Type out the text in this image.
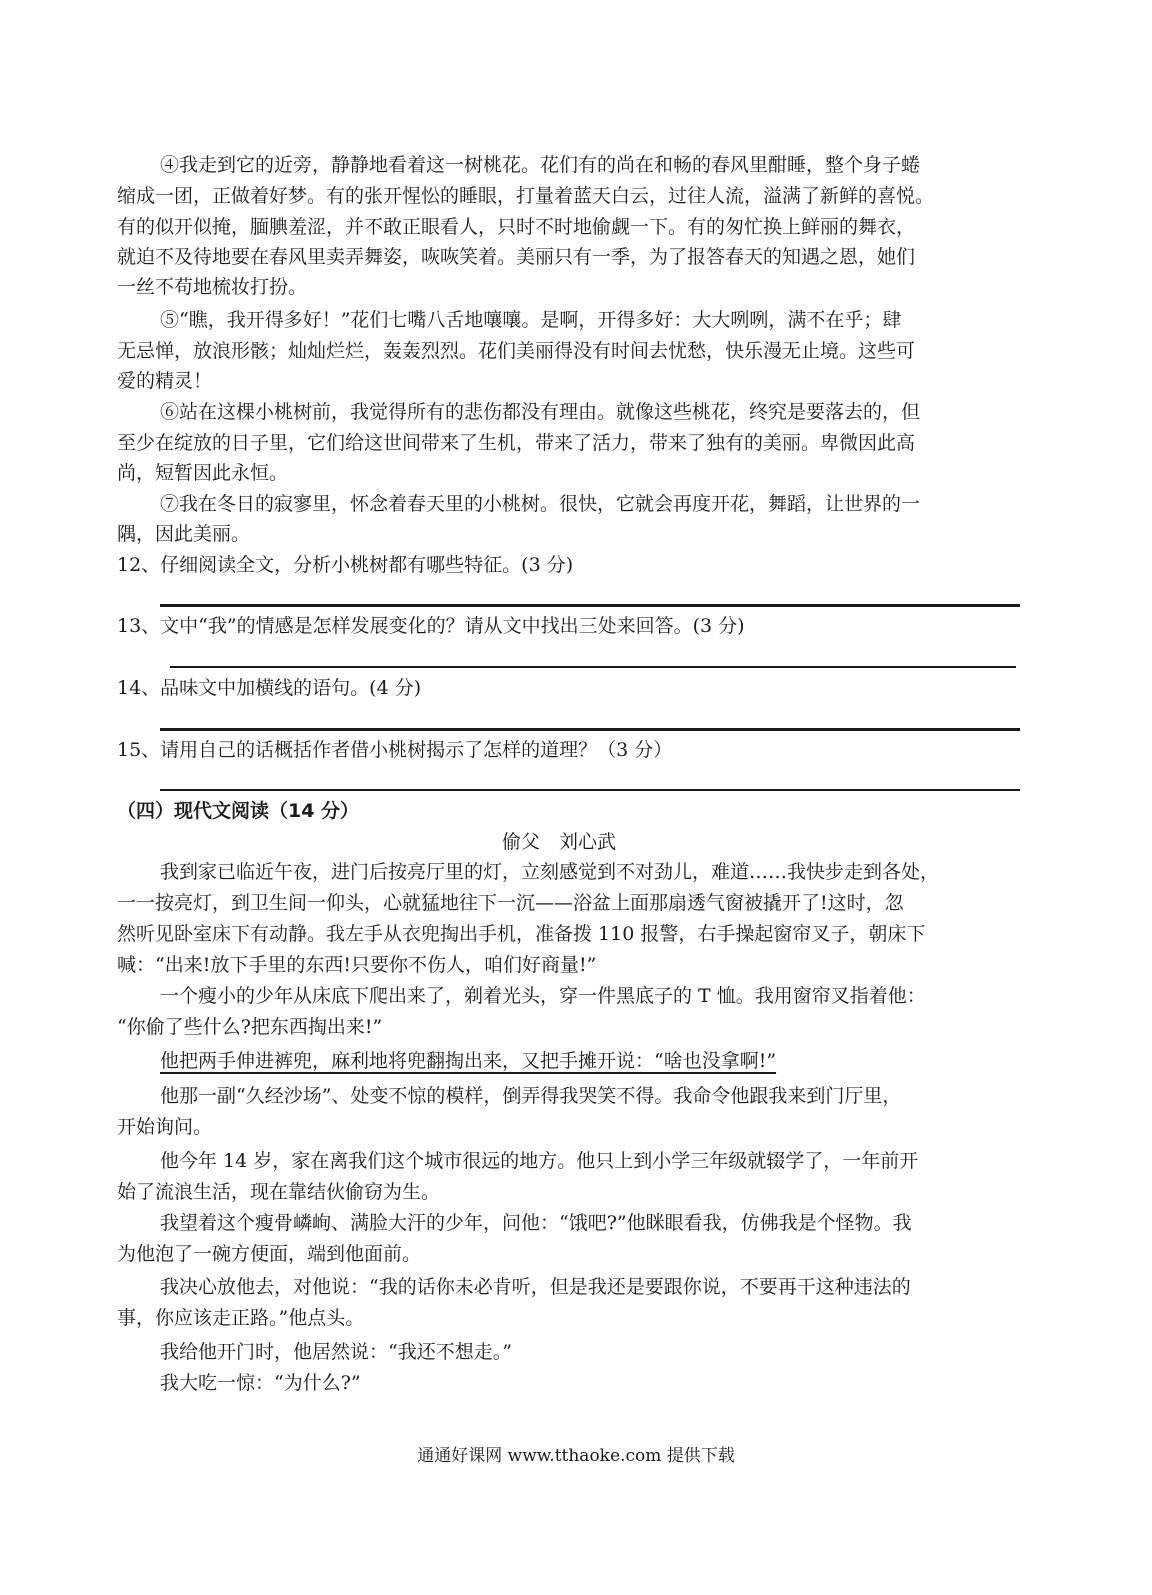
④我走到它的近旁，静静地看着这一树桃花。花们有的尚在和畅的春风里酣睡，整个身子蜷
缩成一团，正做着好梦。有的张开惺忪的睡眼，打量着蓝天白云，过往人流，溢满了新鲜的喜悦。
有的似开似掩，腼腆羞涩，并不敢正眼看人，只时不时地偷觑一下。有的匆忙换上鲜丽的舞衣，
就迫不及待地要在春风里卖弄舞姿，咴咴笑着。美丽只有一季，为了报答春天的知遇之恩，她们
一丝不苟地梳妆打扮。
⑤“瞧，我开得多好！”花们七嘴八舌地嚷嚷。是啊，开得多好：大大咧咧，满不在乎；肆
无忌惮，放浪形骸；灿灿烂烂，轰轰烈烈。花们美丽得没有时间去忧愁，快乐漫无止境。这些可
爱的精灵！
⑥站在这棵小桃树前，我觉得所有的悲伤都没有理由。就像这些桃花，终究是要落去的，但
至少在绽放的日子里，它们给这世间带来了生机，带来了活力，带来了独有的美丽。卑微因此高
尚，短暂因此永恒。
⑦我在冬日的寂寥里，怀念着春天里的小桃树。很快，它就会再度开花，舞蹈，让世界的一
隅，因此美丽。
12、仔细阅读全文，分析小桃树都有哪些特征。(3 分)
13、文中“我”的情感是怎样发展变化的？请从文中找出三处来回答。(3 分)
14、品味文中加横线的语句。(4 分)
15、请用自己的话概括作者借小桃树揭示了怎样的道理？（3 分）
（四）现代文阅读（14 分）
偷父　刘心武
我到家已临近午夜，进门后按亮厅里的灯，立刻感觉到不对劲儿，难道……我快步走到各处，
一一按亮灯，到卫生间一仰头，心就猛地往下一沉——浴盆上面那扇透气窗被撬开了!这时，忽
然听见卧室床下有动静。我左手从衣兜掏出手机，准备拨 110 报警，右手操起窗帘叉子，朝床下
喊：“出来!放下手里的东西!只要你不伤人，咱们好商量!”
一个瘦小的少年从床底下爬出来了，剃着光头，穿一件黑底子的 T 恤。我用窗帘叉指着他：
“你偷了些什么?把东西掏出来!”
他把两手伸进裤兜，麻利地将兜翻掏出来，又把手摊开说：“啥也没拿啊!”
他那一副“久经沙场”、处变不惊的模样，倒弄得我哭笑不得。我命令他跟我来到门厅里，
开始询问。
他今年 14 岁，家在离我们这个城市很远的地方。他只上到小学三年级就辍学了，一年前开
始了流浪生活，现在靠结伙偷窃为生。
我望着这个瘦骨嶙峋、满脸大汗的少年，问他：“饿吧?”他眯眼看我，仿佛我是个怪物。我
为他泡了一碗方便面，端到他面前。
我决心放他去，对他说：“我的话你未必肯听，但是我还是要跟你说，不要再干这种违法的
事，你应该走正路。”他点头。
我给他开门时，他居然说：“我还不想走。”
我大吃一惊：“为什么?”
通通好课网 www.tthaoke.com 提供下载
